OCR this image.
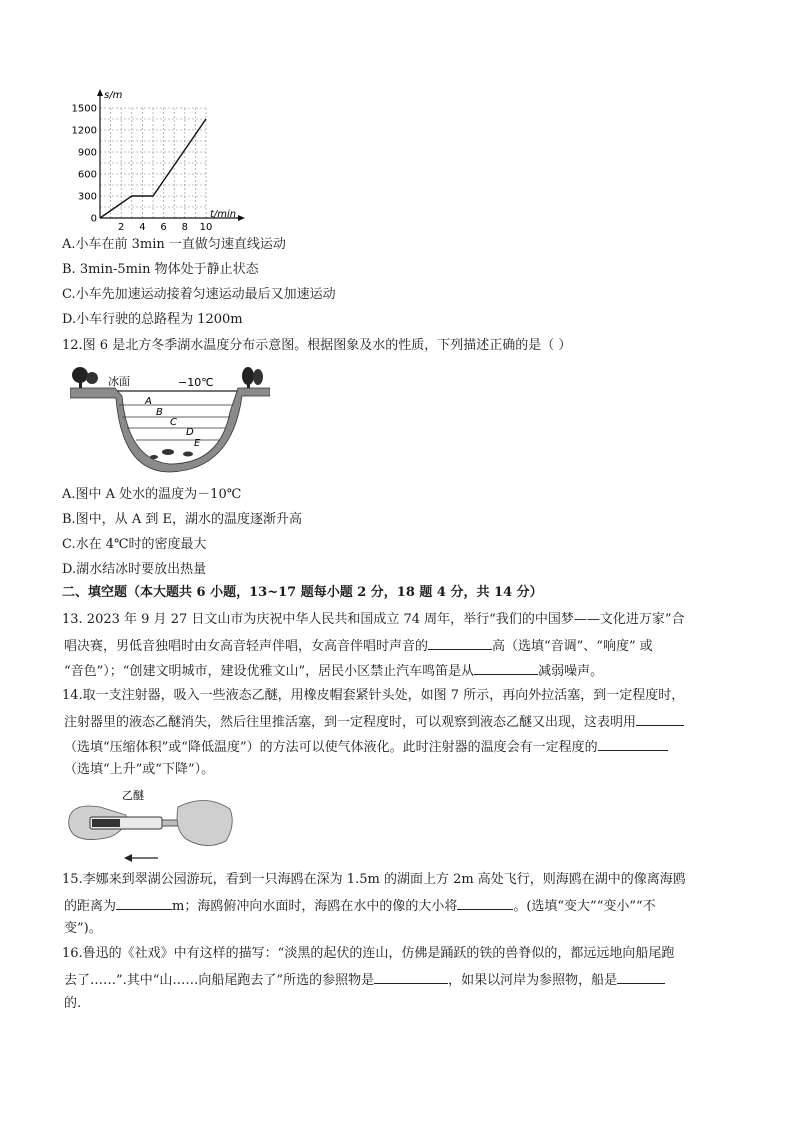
1500
1200
900
600
300
0
2 4 6 8 10
s/m
t/min
A.小车在前 3min 一直做匀速直线运动
B. 3min-5min 物体处于静止状态
C.小车先加速运动接着匀速运动最后又加速运动
D.小车行驶的总路程为 1200m
12.图 6 是北方冬季湖水温度分布示意图。根据图象及水的性质，下列描述正确的是（ ）
冰面	−10℃
A
B
C
D
E
A.图中 A 处水的温度为－10℃
B.图中，从 A 到 E，湖水的温度逐渐升高
C.水在 4℃时的密度最大
D.湖水结冰时要放出热量
二、填空题（本大题共 6 小题，13~17 题每小题 2 分，18 题 4 分，共 14 分）
13. 2023 年 9 月 27 日文山市为庆祝中华人民共和国成立 74 周年，举行“我们的中国梦——文化进万家”合
唱决赛，男低音独唱时由女高音轻声伴唱，女高音伴唱时声音的	高（选填“音调”、“响度” 或
“音色”）；“创建文明城市，建设优雅文山”，居民小区禁止汽车鸣笛是从	减弱噪声。
14.取一支注射器，吸入一些液态乙醚，用橡皮帽套紧针头处，如图 7 所示，再向外拉活塞，到一定程度时，
注射器里的液态乙醚消失，然后往里推活塞，到一定程度时，可以观察到液态乙醚又出现，这表明用
（选填“压缩体积”或“降低温度”）的方法可以使气体液化。此时注射器的温度会有一定程度的
（选填“上升”或“下降”）。
乙醚
15.李娜来到翠湖公园游玩，看到一只海鸥在深为 1.5m 的湖面上方 2m 高处飞行，则海鸥在湖中的像离海鸥
的距离为	m；海鸥俯冲向水面时，海鸥在水中的像的大小将	。(选填“变大”“变小”“不
变”)。
16.鲁迅的《社戏》中有这样的描写：“淡黑的起伏的连山，仿佛是踊跃的铁的兽脊似的，都远远地向船尾跑
去了……”.其中“山……向船尾跑去了”所选的参照物是	，如果以河岸为参照物，船是
的.
